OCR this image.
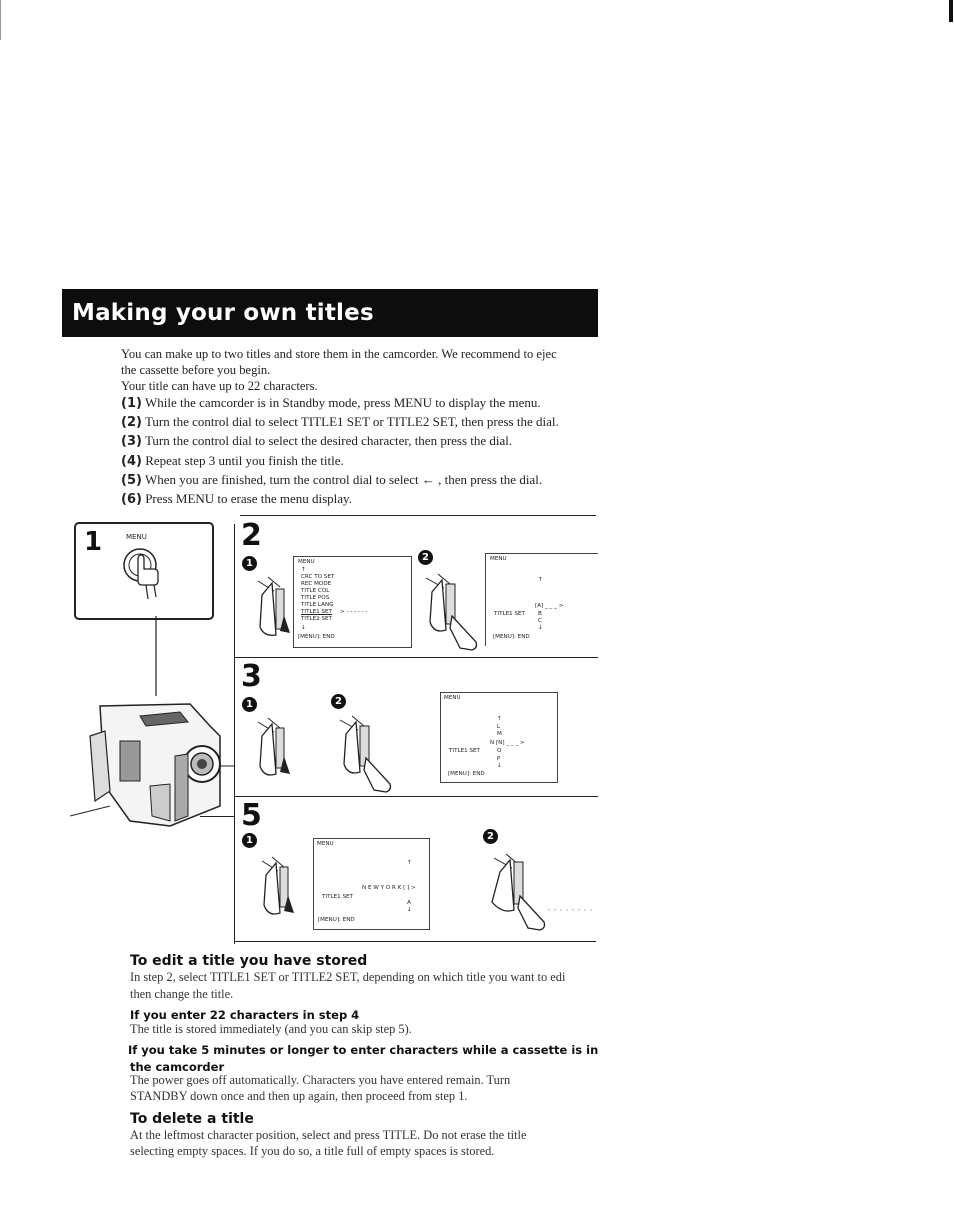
Making your own titles
You can make up to two titles and store them in the camcorder. We recommend to ejec
the cassette before you begin.
Your title can have up to 22 characters.
(1) While the camcorder is in Standby mode, press MENU to display the menu.
(2) Turn the control dial to select TITLE1 SET or TITLE2 SET, then press the dial.
(3) Turn the control dial to select the desired character, then press the dial.
(4) Repeat step 3 until you finish the title.
(5) When you are finished, turn the control dial to select ← , then press the dial.
(6) Press MENU to erase the menu display.
1	MENU	2
1
2
MENU
↑
CRC TO SET
REC MODE
TITLE COL
TITLE POS
TITLE LANG
TITLE1 SET > - - - - - -
TITLE2 SET
↓
[MENU]: END
MENU
↑
[A] _ _ _ >
TITLE1 SET B
C
↓
[MENU]: END
3
1	2	MENU
↑
L
M
N [N] _ _ _ >
TITLE1 SET	O
P
↓
[MENU]: END
5
1	2
MENU
↑
N E W Y O R K [ ] >
TITLE1 SET
A
↓
[MENU]: END
To edit a title you have stored
In step 2, select TITLE1 SET or TITLE2 SET, depending on which title you want to edi
then change the title.
If you enter 22 characters in step 4
The title is stored immediately (and you can skip step 5).
If you take 5 minutes or longer to enter characters while a cassette is in
the camcorder
The power goes off automatically. Characters you have entered remain. Turn
STANDBY down once and then up again, then proceed from step 1.
To delete a title
At the leftmost character position, select and press TITLE. Do not erase the title
selecting empty spaces. If you do so, a title full of empty spaces is stored.
